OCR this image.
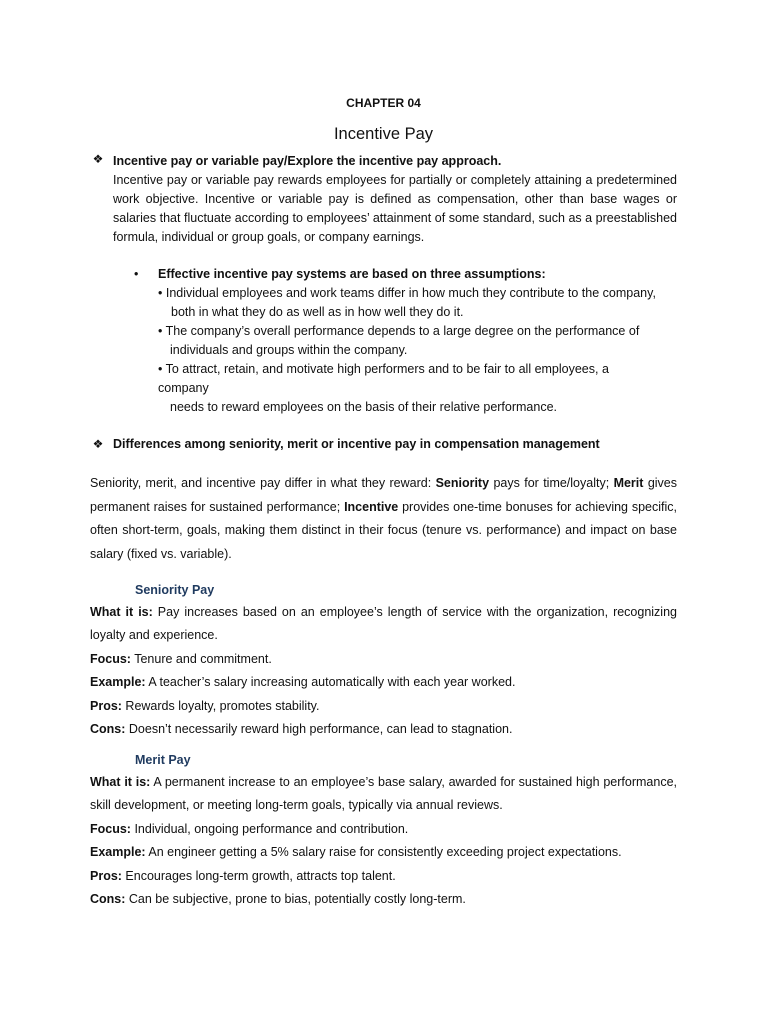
CHAPTER 04

Incentive Pay

❖ Incentive pay or variable pay/Explore the incentive pay approach.
Incentive pay or variable pay rewards employees for partially or completely attaining a predetermined work objective. Incentive or variable pay is defined as compensation, other than base wages or salaries that fluctuate according to employees’ attainment of some standard, such as a preestablished formula, individual or group goals, or company earnings.
• Effective incentive pay systems are based on three assumptions:

• Individual employees and work teams differ in how much they contribute to the company,

both in what they do as well as in how well they do it.

• The company’s overall performance depends to a large degree on the performance of

individuals and groups within the company.

• To attract, retain, and motivate high performers and to be fair to all employees, a

company

needs to reward employees on the basis of their relative performance.

❖ Differences among seniority, merit or incentive pay in compensation management

Seniority, merit, and incentive pay differ in what they reward: Seniority pays for time/loyalty; Merit gives permanent raises for sustained performance; Incentive provides one-time bonuses for achieving specific, often short-term, goals, making them distinct in their focus (tenure vs. performance) and impact on base salary (fixed vs. variable).

Seniority Pay

What it is: Pay increases based on an employee’s length of service with the organization, recognizing loyalty and experience.

Focus: Tenure and commitment.

Example: A teacher’s salary increasing automatically with each year worked.

Pros: Rewards loyalty, promotes stability.

Cons: Doesn’t necessarily reward high performance, can lead to stagnation.

Merit Pay

What it is: A permanent increase to an employee’s base salary, awarded for sustained high performance, skill development, or meeting long-term goals, typically via annual reviews.

Focus: Individual, ongoing performance and contribution.

Example: An engineer getting a 5% salary raise for consistently exceeding project expectations.

Pros: Encourages long-term growth, attracts top talent.

Cons: Can be subjective, prone to bias, potentially costly long-term.
